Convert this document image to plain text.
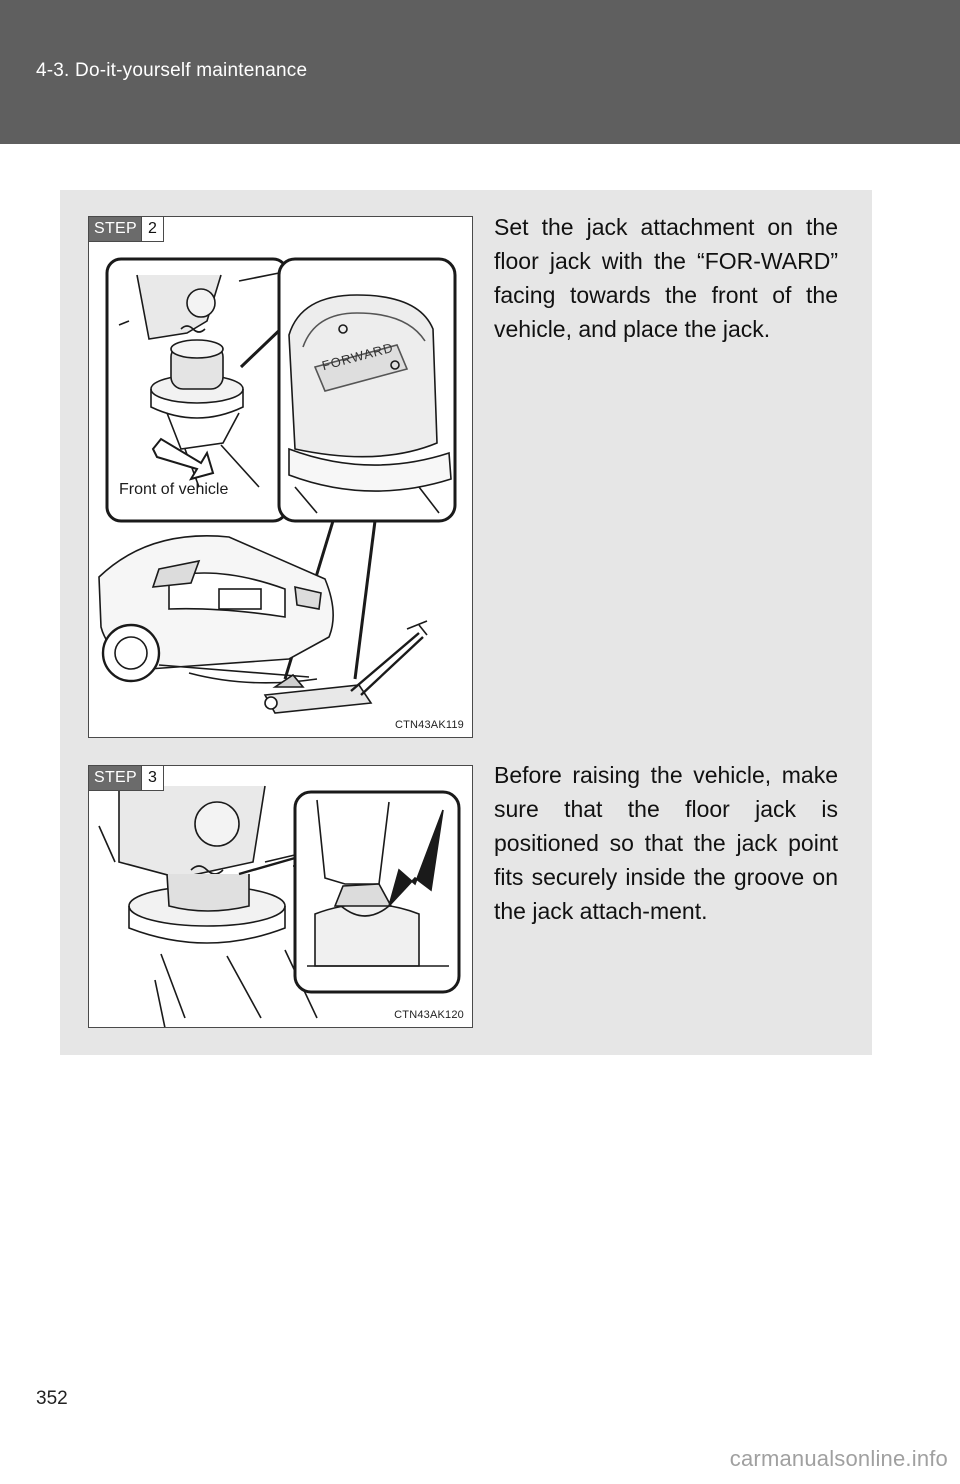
4-3. Do-it-yourself maintenance
STEP 2
FORWARD
Front of vehicle
CTN43AK119
Set the jack attachment on the floor jack with the “FOR-WARD” facing towards the front of the vehicle, and place the jack.
STEP 3
CTN43AK120
Before raising the vehicle, make sure that the floor jack is positioned so that the jack point fits securely inside the groove on the jack attach-ment.
352
carmanualsonline.info
